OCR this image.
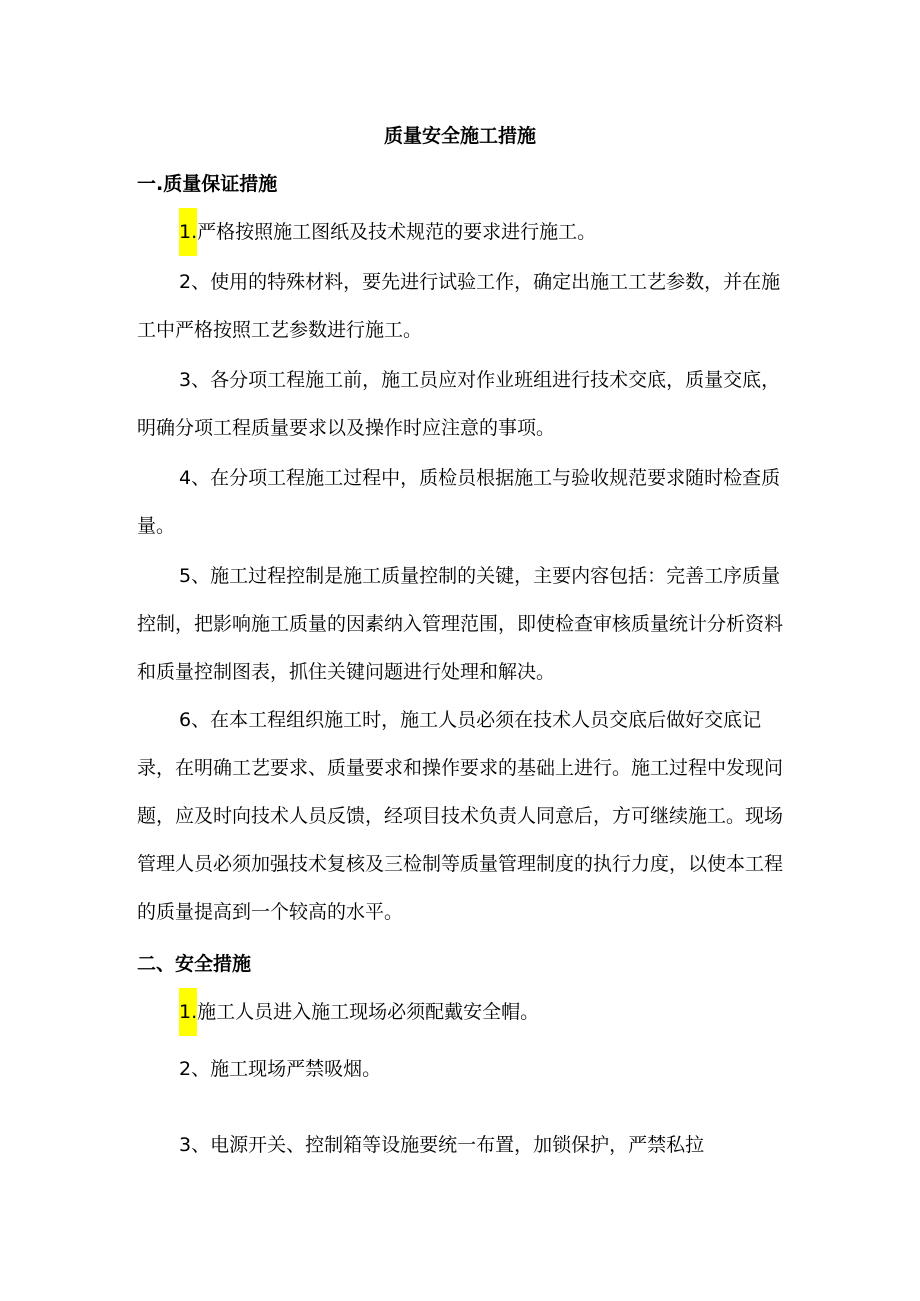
质量安全施工措施
一.质量保证措施

1.严格按照施工图纸及技术规范的要求进行施工。

2、使用的特殊材料，要先进行试验工作，确定出施工工艺参数，并在施工中严格按照工艺参数进行施工。

3、各分项工程施工前，施工员应对作业班组进行技术交底，质量交底，明确分项工程质量要求以及操作时应注意的事项。

4、在分项工程施工过程中，质检员根据施工与验收规范要求随时检查质量。

5、施工过程控制是施工质量控制的关键，主要内容包括：完善工序质量控制，把影响施工质量的因素纳入管理范围，即使检查审核质量统计分析资料和质量控制图表，抓住关键问题进行处理和解决。

6、在本工程组织施工时，施工人员必须在技术人员交底后做好交底记录，在明确工艺要求、质量要求和操作要求的基础上进行。施工过程中发现问题，应及时向技术人员反馈，经项目技术负责人同意后，方可继续施工。现场管理人员必须加强技术复核及三检制等质量管理制度的执行力度，以使本工程的质量提高到一个较高的水平。

二、安全措施

1.施工人员进入施工现场必须配戴安全帽。

2、施工现场严禁吸烟。

3、电源开关、控制箱等设施要统一布置，加锁保护，严禁私拉
